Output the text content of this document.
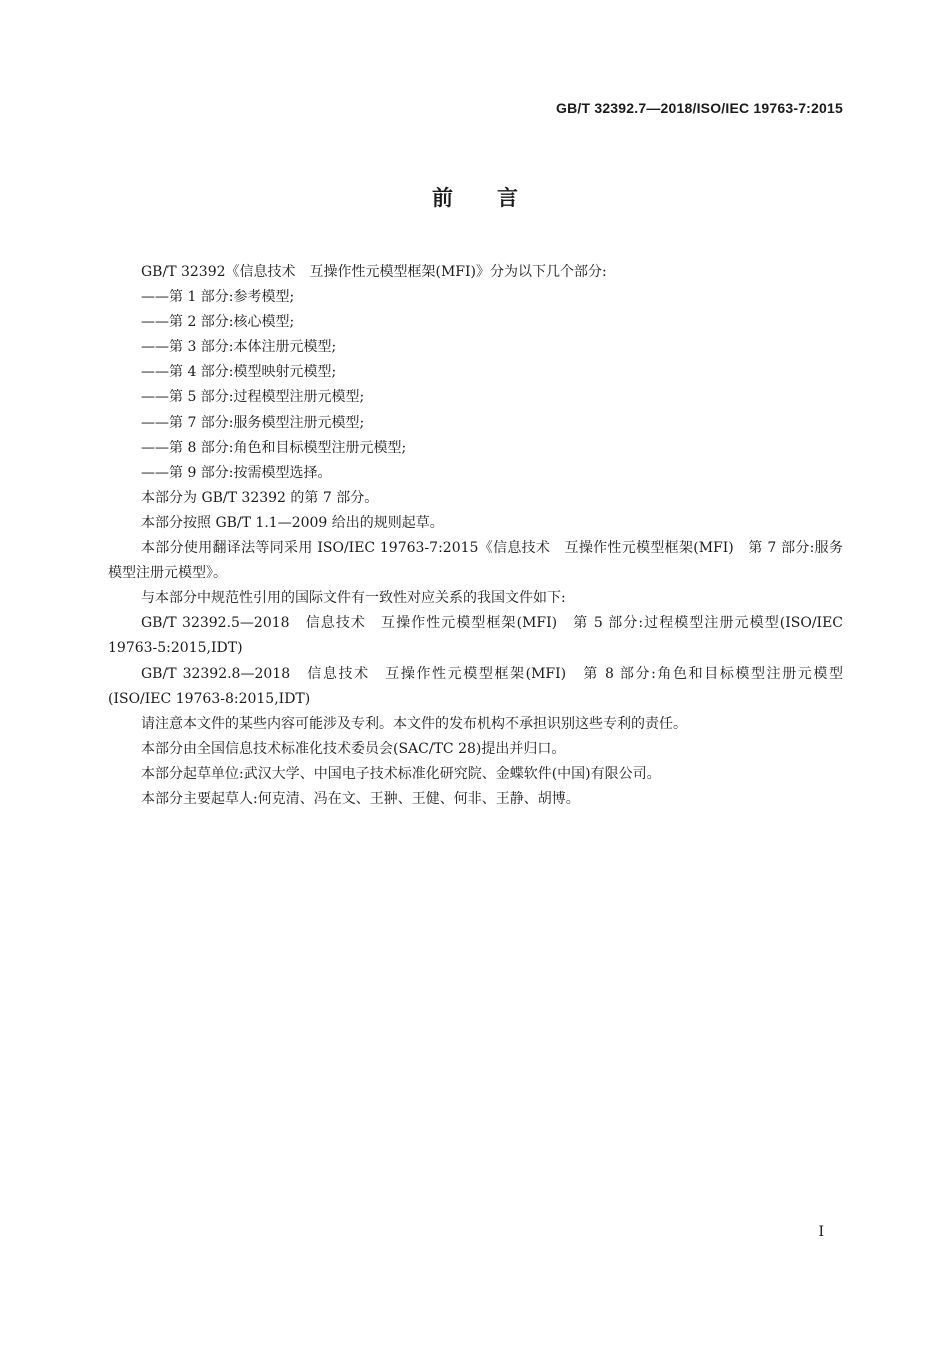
GB/T 32392.7—2018/ISO/IEC 19763-7:2015
前言

GB/T 32392《信息技术　互操作性元模型框架(MFI)》分为以下几个部分:

——第 1 部分:参考模型;

——第 2 部分:核心模型;

——第 3 部分:本体注册元模型;

——第 4 部分:模型映射元模型;

——第 5 部分:过程模型注册元模型;

——第 7 部分:服务模型注册元模型;

——第 8 部分:角色和目标模型注册元模型;

——第 9 部分:按需模型选择。

本部分为 GB/T 32392 的第 7 部分。

本部分按照 GB/T 1.1—2009 给出的规则起草。

本部分使用翻译法等同采用 ISO/IEC 19763-7:2015《信息技术　互操作性元模型框架(MFI)　第 7 部分:服务模型注册元模型》。

与本部分中规范性引用的国际文件有一致性对应关系的我国文件如下:

GB/T 32392.5—2018　信息技术　互操作性元模型框架(MFI)　第 5 部分:过程模型注册元模型(ISO/IEC 19763-5:2015,IDT)

GB/T 32392.8—2018　信息技术　互操作性元模型框架(MFI)　第 8 部分:角色和目标模型注册元模型(ISO/IEC 19763-8:2015,IDT)

请注意本文件的某些内容可能涉及专利。本文件的发布机构不承担识别这些专利的责任。

本部分由全国信息技术标准化技术委员会(SAC/TC 28)提出并归口。

本部分起草单位:武汉大学、中国电子技术标准化研究院、金蝶软件(中国)有限公司。

本部分主要起草人:何克清、冯在文、王翀、王健、何非、王静、胡博。

I
